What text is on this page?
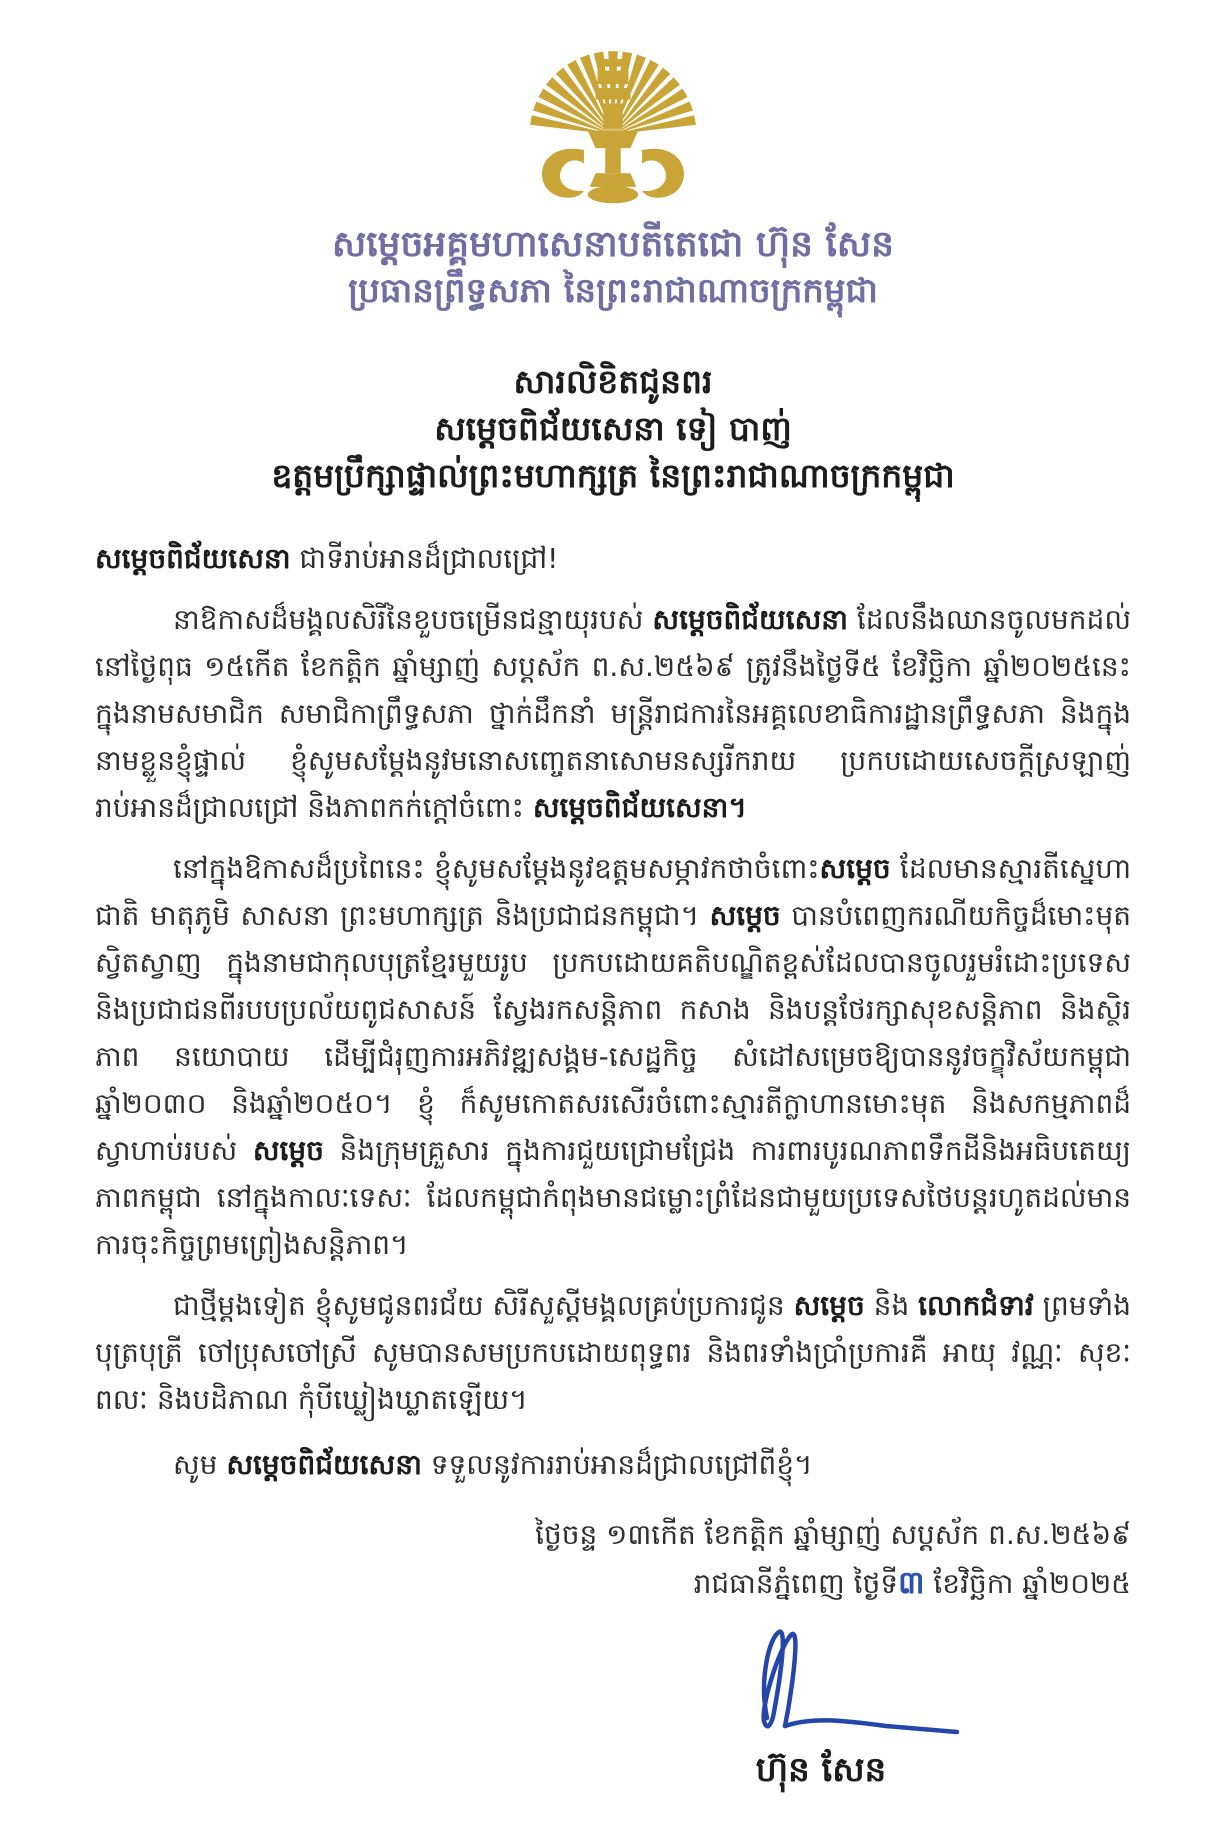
សម្តេចអគ្គមហាសេនាបតីតេជោ ហ៊ុន សែន
ប្រធានព្រឹទ្ធសភា នៃព្រះរាជាណាចក្រកម្ពុជា
សារលិខិតជូនពរ
សម្តេចពិជ័យសេនា ទៀ បាញ់
ឧត្តមប្រឹក្សាផ្ទាល់ព្រះមហាក្សត្រ នៃព្រះរាជាណាចក្រកម្ពុជា

សម្តេចពិជ័យសេនា ជាទីរាប់អានដ៏ជ្រាលជ្រៅ!

នាឱកាសដ៏មង្គលសិរីនៃខួបចម្រើនជន្មាយុរបស់ សម្តេចពិជ័យសេនា ដែលនឹងឈានចូលមកដល់នៅថ្ងៃពុធ ១៥កើត ខែកត្តិក ឆ្នាំម្សាញ់ សប្តស័ក ព.ស.២៥៦៩ ត្រូវនឹងថ្ងៃទី៥ ខែវិច្ឆិកា ឆ្នាំ២០២៥នេះ ក្នុងនាមសមាជិក សមាជិកាព្រឹទ្ធសភា ថ្នាក់ដឹកនាំ មន្ត្រីរាជការនៃអគ្គលេខាធិការដ្ឋានព្រឹទ្ធសភា និងក្នុងនាមខ្លួនខ្ញុំផ្ទាល់ ខ្ញុំសូមសម្តែងនូវមនោសញ្ចេតនាសោមនស្សរីករាយ ប្រកបដោយសេចក្តីស្រឡាញ់រាប់អានដ៏ជ្រាលជ្រៅ និងភាពកក់ក្តៅចំពោះ សម្តេចពិជ័យសេនា។

នៅក្នុងឱកាសដ៏ប្រពៃនេះ ខ្ញុំសូមសម្តែងនូវឧត្តមសម្ភាវកថាចំពោះសម្តេច ដែលមានស្មារតីស្នេហាជាតិ មាតុភូមិ សាសនា ព្រះមហាក្សត្រ និងប្រជាជនកម្ពុជា។ សម្តេច បានបំពេញករណីយកិច្ចដ៏មោះមុត ស្វិតស្វាញ ក្នុងនាមជាកុលបុត្រខ្មែរមួយរូប ប្រកបដោយគតិបណ្ឌិតខ្ពស់ដែលបានចូលរួមរំដោះប្រទេស និងប្រជាជនពីរបបប្រល័យពូជសាសន៍ ស្វែងរកសន្តិភាព កសាង និងបន្តថែរក្សាសុខសន្តិភាព និងស្ថិរភាព នយោបាយ ដើម្បីជំរុញការអភិវឌ្ឍសង្គម-សេដ្ឋកិច្ច សំដៅសម្រេចឱ្យបាននូវចក្ខុវិស័យកម្ពុជាឆ្នាំ២០៣០ និងឆ្នាំ២០៥០។ ខ្ញុំ ក៏សូមកោតសរសើរចំពោះស្មារតីក្លាហានមោះមុត និងសកម្មភាពដ៏ស្វាហាប់របស់ សម្តេច និងក្រុមគ្រួសារ ក្នុងការជួយជ្រោមជ្រែង ការពារបូរណភាពទឹកដីនិងអធិបតេយ្យភាពកម្ពុជា នៅក្នុងកាលៈទេសៈ ដែលកម្ពុជាកំពុងមានជម្លោះព្រំដែនជាមួយប្រទេសថៃបន្តរហូតដល់មានការចុះកិច្ចព្រមព្រៀងសន្តិភាព។

ជាថ្មីម្តងទៀត ខ្ញុំសូមជូនពរជ័យ សិរីសួស្តីមង្គលគ្រប់ប្រការជូន សម្តេច និង លោកជំទាវ ព្រមទាំងបុត្របុត្រី ចៅប្រុសចៅស្រី សូមបានសមប្រកបដោយពុទ្ធពរ និងពរទាំងប្រាំប្រការគឺ អាយុ វណ្ណៈ សុខៈ ពលៈ និងបដិភាណ កុំបីឃ្លៀងឃ្លាតឡើយ។

សូម សម្តេចពិជ័យសេនា ទទួលនូវការរាប់អានដ៏ជ្រាលជ្រៅពីខ្ញុំ។

ថ្ងៃចន្ទ ១៣កើត ខែកត្តិក ឆ្នាំម្សាញ់ សប្តស័ក ព.ស.២៥៦៩
រាជធានីភ្នំពេញ ថ្ងៃទី៣ ខែវិច្ឆិកា ឆ្នាំ២០២៥
ហ៊ុន សែន
